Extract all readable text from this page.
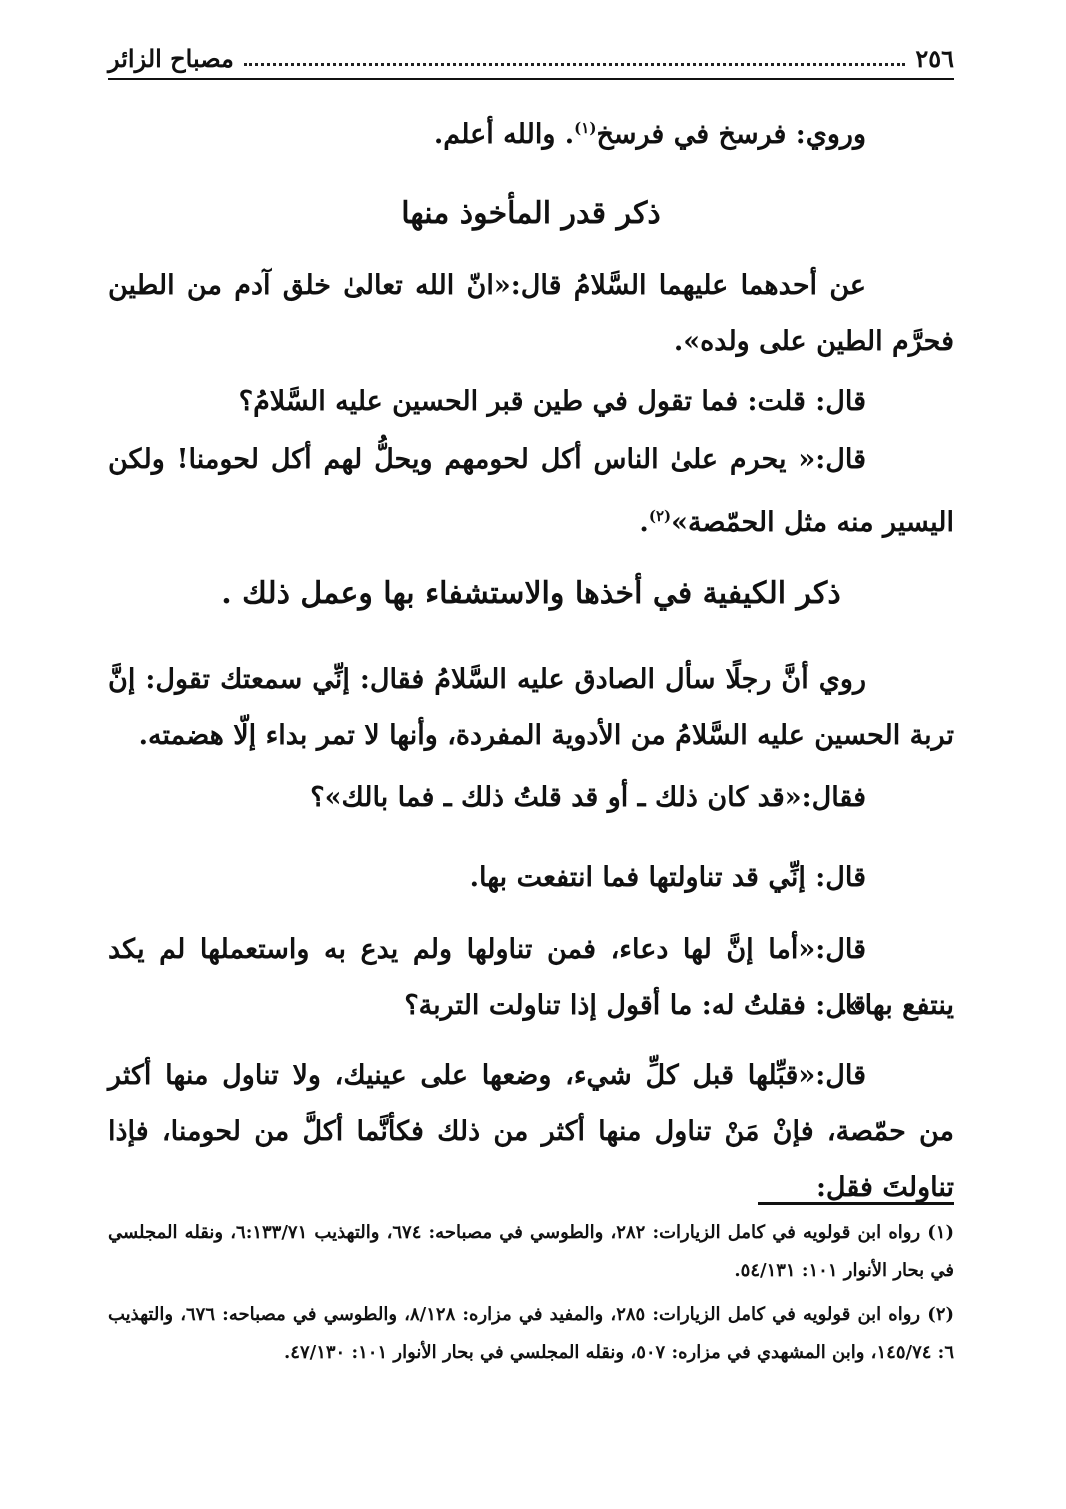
٢٥٦
مصباح الزائر
وروي: فرسخ في فرسخ$^{(١)}$. والله أعلم.
ذكر قدر المأخوذ منها
عن أحدهما عليهما السَّلامُ قال:«انّ الله تعالىٰ خلق آدم من الطين فحرَّم الطين على ولده».
قال: قلت: فما تقول في طين قبر الحسين عليه السَّلامُ؟
قال:« يحرم علىٰ الناس أكل لحومهم ويحلُّ لهم أكل لحومنا! ولكن اليسير منه مثل الحمّصة»$^{(٢)}$.
ذكر الكيفية في أخذها والاستشفاء بها وعمل ذلك .
روي أنَّ رجلًا سأل الصادق عليه السَّلامُ فقال: إنِّي سمعتك تقول: إنَّ تربة الحسين عليه السَّلامُ من الأدوية المفردة، وأنها لا تمر بداء إلّا هضمته.
فقال:«قد كان ذلك ـ أو قد قلتُ ذلك ـ فما بالك»؟
قال: إنِّي قد تناولتها فما انتفعت بها.
قال:«أما إنَّ لها دعاء، فمن تناولها ولم يدع به واستعملها لم يكد ينتفع بها».
قال: فقلتُ له: ما أقول إذا تناولت التربة؟
قال:«قبِّلها قبل كلِّ شيء، وضعها على عينيك، ولا تناول منها أكثر من حمّصة، فإنْ مَنْ تناول منها أكثر من ذلك فكأنَّما أكلَّ من لحومنا، فإذا تناولتَ فقل:
(١) رواه ابن قولويه في كامل الزيارات: ٢٨٢، والطوسي في مصباحه: ٦٧٤، والتهذيب ٦:١٣٣/٧١، ونقله المجلسي في بحار الأنوار ١٠١: ٥٤/١٣١.
(٢) رواه ابن قولويه في كامل الزيارات: ٢٨٥، والمفيد في مزاره: ٨/١٢٨، والطوسي في مصباحه: ٦٧٦، والتهذيب ٦: ١٤٥/٧٤، وابن المشهدي في مزاره: ٥٠٧، ونقله المجلسي في بحار الأنوار ١٠١: ٤٧/١٣٠.
